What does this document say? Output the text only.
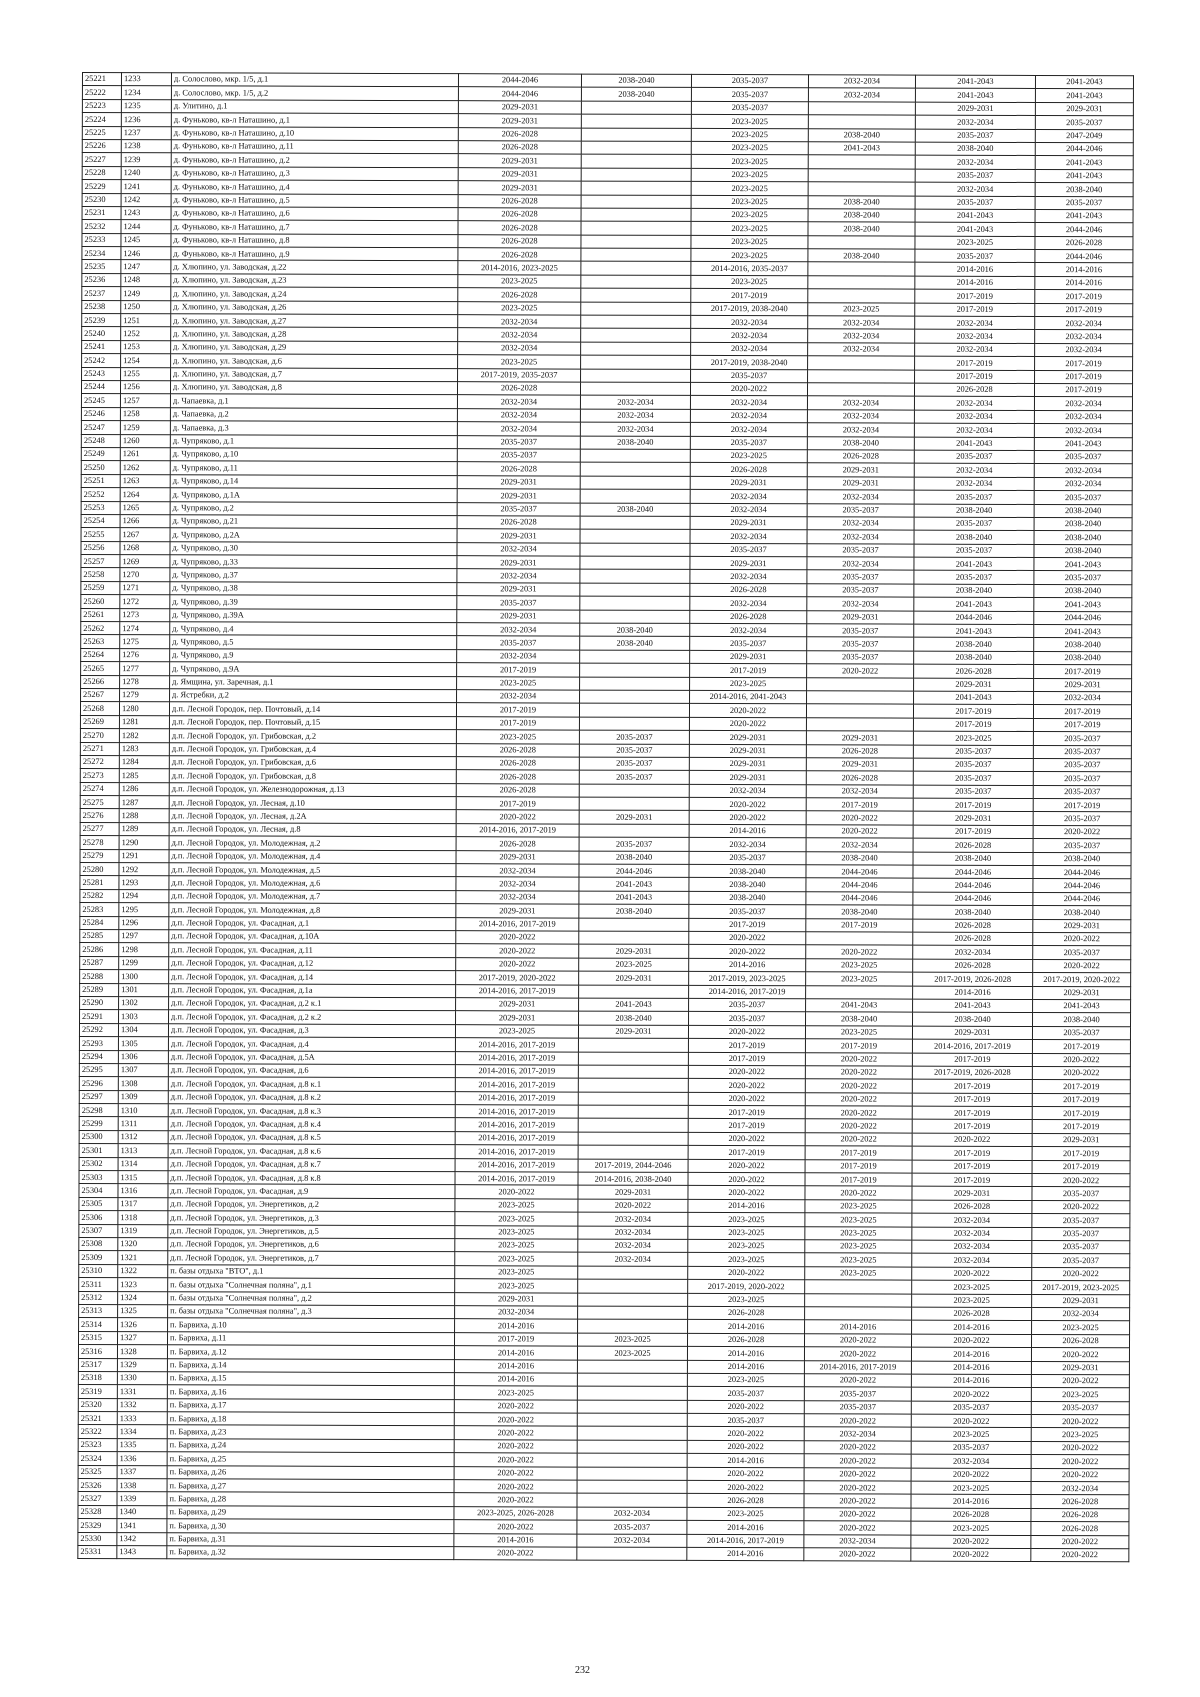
25221	1233	д. Солослово, мкр. 1/5, д.1	2044-2046	2038-2040	2035-2037	2032-2034	2041-2043	2041-2043
25222	1234	д. Солослово, мкр. 1/5, д.2	2044-2046	2038-2040	2035-2037	2032-2034	2041-2043	2041-2043
25223	1235	д. Улитино, д.1	2029-2031		2035-2037		2029-2031	2029-2031
25224	1236	д. Фуньково, кв-л Наташино, д.1	2029-2031		2023-2025		2032-2034	2035-2037
25225	1237	д. Фуньково, кв-л Наташино, д.10	2026-2028		2023-2025	2038-2040	2035-2037	2047-2049
25226	1238	д. Фуньково, кв-л Наташино, д.11	2026-2028		2023-2025	2041-2043	2038-2040	2044-2046
25227	1239	д. Фуньково, кв-л Наташино, д.2	2029-2031		2023-2025		2032-2034	2041-2043
25228	1240	д. Фуньково, кв-л Наташино, д.3	2029-2031		2023-2025		2035-2037	2041-2043
25229	1241	д. Фуньково, кв-л Наташино, д.4	2029-2031		2023-2025		2032-2034	2038-2040
25230	1242	д. Фуньково, кв-л Наташино, д.5	2026-2028		2023-2025	2038-2040	2035-2037	2035-2037
25231	1243	д. Фуньково, кв-л Наташино, д.6	2026-2028		2023-2025	2038-2040	2041-2043	2041-2043
25232	1244	д. Фуньково, кв-л Наташино, д.7	2026-2028		2023-2025	2038-2040	2041-2043	2044-2046
25233	1245	д. Фуньково, кв-л Наташино, д.8	2026-2028		2023-2025		2023-2025	2026-2028
25234	1246	д. Фуньково, кв-л Наташино, д.9	2026-2028		2023-2025	2038-2040	2035-2037	2044-2046
25235	1247	д. Хлюпино, ул. Заводская, д.22	2014-2016, 2023-2025		2014-2016, 2035-2037		2014-2016	2014-2016
25236	1248	д. Хлюпино, ул. Заводская, д.23	2023-2025		2023-2025		2014-2016	2014-2016
25237	1249	д. Хлюпино, ул. Заводская, д.24	2026-2028		2017-2019		2017-2019	2017-2019
25238	1250	д. Хлюпино, ул. Заводская, д.26	2023-2025		2017-2019, 2038-2040	2023-2025	2017-2019	2017-2019
25239	1251	д. Хлюпино, ул. Заводская, д.27	2032-2034		2032-2034	2032-2034	2032-2034	2032-2034
25240	1252	д. Хлюпино, ул. Заводская, д.28	2032-2034		2032-2034	2032-2034	2032-2034	2032-2034
25241	1253	д. Хлюпино, ул. Заводская, д.29	2032-2034		2032-2034	2032-2034	2032-2034	2032-2034
25242	1254	д. Хлюпино, ул. Заводская, д.6	2023-2025		2017-2019, 2038-2040		2017-2019	2017-2019
25243	1255	д. Хлюпино, ул. Заводская, д.7	2017-2019, 2035-2037		2035-2037		2017-2019	2017-2019
25244	1256	д. Хлюпино, ул. Заводская, д.8	2026-2028		2020-2022		2026-2028	2017-2019
25245	1257	д. Чапаевка, д.1	2032-2034	2032-2034	2032-2034	2032-2034	2032-2034	2032-2034
25246	1258	д. Чапаевка, д.2	2032-2034	2032-2034	2032-2034	2032-2034	2032-2034	2032-2034
25247	1259	д. Чапаевка, д.3	2032-2034	2032-2034	2032-2034	2032-2034	2032-2034	2032-2034
25248	1260	д. Чупряково, д.1	2035-2037	2038-2040	2035-2037	2038-2040	2041-2043	2041-2043
25249	1261	д. Чупряково, д.10	2035-2037		2023-2025	2026-2028	2035-2037	2035-2037
25250	1262	д. Чупряково, д.11	2026-2028		2026-2028	2029-2031	2032-2034	2032-2034
25251	1263	д. Чупряково, д.14	2029-2031		2029-2031	2029-2031	2032-2034	2032-2034
25252	1264	д. Чупряково, д.1А	2029-2031		2032-2034	2032-2034	2035-2037	2035-2037
25253	1265	д. Чупряково, д.2	2035-2037	2038-2040	2032-2034	2035-2037	2038-2040	2038-2040
25254	1266	д. Чупряково, д.21	2026-2028		2029-2031	2032-2034	2035-2037	2038-2040
25255	1267	д. Чупряково, д.2А	2029-2031		2032-2034	2032-2034	2038-2040	2038-2040
25256	1268	д. Чупряково, д.30	2032-2034		2035-2037	2035-2037	2035-2037	2038-2040
25257	1269	д. Чупряково, д.33	2029-2031		2029-2031	2032-2034	2041-2043	2041-2043
25258	1270	д. Чупряково, д.37	2032-2034		2032-2034	2035-2037	2035-2037	2035-2037
25259	1271	д. Чупряково, д.38	2029-2031		2026-2028	2035-2037	2038-2040	2038-2040
25260	1272	д. Чупряково, д.39	2035-2037		2032-2034	2032-2034	2041-2043	2041-2043
25261	1273	д. Чупряково, д.39А	2029-2031		2026-2028	2029-2031	2044-2046	2044-2046
25262	1274	д. Чупряково, д.4	2032-2034	2038-2040	2032-2034	2035-2037	2041-2043	2041-2043
25263	1275	д. Чупряково, д.5	2035-2037	2038-2040	2035-2037	2035-2037	2038-2040	2038-2040
25264	1276	д. Чупряково, д.9	2032-2034		2029-2031	2035-2037	2038-2040	2038-2040
25265	1277	д. Чупряково, д.9А	2017-2019		2017-2019	2020-2022	2026-2028	2017-2019
25266	1278	д. Ямщина, ул. Заречная, д.1	2023-2025		2023-2025		2029-2031	2029-2031
25267	1279	д. Ястребки, д.2	2032-2034		2014-2016, 2041-2043		2041-2043	2032-2034
25268	1280	д.п. Лесной Городок, пер. Почтовый, д.14	2017-2019		2020-2022		2017-2019	2017-2019
25269	1281	д.п. Лесной Городок, пер. Почтовый, д.15	2017-2019		2020-2022		2017-2019	2017-2019
25270	1282	д.п. Лесной Городок, ул. Грибовская, д.2	2023-2025	2035-2037	2029-2031	2029-2031	2023-2025	2035-2037
25271	1283	д.п. Лесной Городок, ул. Грибовская, д.4	2026-2028	2035-2037	2029-2031	2026-2028	2035-2037	2035-2037
25272	1284	д.п. Лесной Городок, ул. Грибовская, д.6	2026-2028	2035-2037	2029-2031	2029-2031	2035-2037	2035-2037
25273	1285	д.п. Лесной Городок, ул. Грибовская, д.8	2026-2028	2035-2037	2029-2031	2026-2028	2035-2037	2035-2037
25274	1286	д.п. Лесной Городок, ул. Железнодорожная, д.13	2026-2028		2032-2034	2032-2034	2035-2037	2035-2037
25275	1287	д.п. Лесной Городок, ул. Лесная, д.10	2017-2019		2020-2022	2017-2019	2017-2019	2017-2019
25276	1288	д.п. Лесной Городок, ул. Лесная, д.2А	2020-2022	2029-2031	2020-2022	2020-2022	2029-2031	2035-2037
25277	1289	д.п. Лесной Городок, ул. Лесная, д.8	2014-2016, 2017-2019		2014-2016	2020-2022	2017-2019	2020-2022
25278	1290	д.п. Лесной Городок, ул. Молодежная, д.2	2026-2028	2035-2037	2032-2034	2032-2034	2026-2028	2035-2037
25279	1291	д.п. Лесной Городок, ул. Молодежная, д.4	2029-2031	2038-2040	2035-2037	2038-2040	2038-2040	2038-2040
25280	1292	д.п. Лесной Городок, ул. Молодежная, д.5	2032-2034	2044-2046	2038-2040	2044-2046	2044-2046	2044-2046
25281	1293	д.п. Лесной Городок, ул. Молодежная, д.6	2032-2034	2041-2043	2038-2040	2044-2046	2044-2046	2044-2046
25282	1294	д.п. Лесной Городок, ул. Молодежная, д.7	2032-2034	2041-2043	2038-2040	2044-2046	2044-2046	2044-2046
25283	1295	д.п. Лесной Городок, ул. Молодежная, д.8	2029-2031	2038-2040	2035-2037	2038-2040	2038-2040	2038-2040
25284	1296	д.п. Лесной Городок, ул. Фасадная, д.1	2014-2016, 2017-2019		2017-2019	2017-2019	2026-2028	2029-2031
25285	1297	д.п. Лесной Городок, ул. Фасадная, д.10А	2020-2022		2020-2022		2026-2028	2020-2022
25286	1298	д.п. Лесной Городок, ул. Фасадная, д.11	2020-2022	2029-2031	2020-2022	2020-2022	2032-2034	2035-2037
25287	1299	д.п. Лесной Городок, ул. Фасадная, д.12	2020-2022	2023-2025	2014-2016	2023-2025	2026-2028	2020-2022
25288	1300	д.п. Лесной Городок, ул. Фасадная, д.14	2017-2019, 2020-2022	2029-2031	2017-2019, 2023-2025	2023-2025	2017-2019, 2026-2028	2017-2019, 2020-2022
25289	1301	д.п. Лесной Городок, ул. Фасадная, д.1а	2014-2016, 2017-2019		2014-2016, 2017-2019		2014-2016	2029-2031
25290	1302	д.п. Лесной Городок, ул. Фасадная, д.2 к.1	2029-2031	2041-2043	2035-2037	2041-2043	2041-2043	2041-2043
25291	1303	д.п. Лесной Городок, ул. Фасадная, д.2 к.2	2029-2031	2038-2040	2035-2037	2038-2040	2038-2040	2038-2040
25292	1304	д.п. Лесной Городок, ул. Фасадная, д.3	2023-2025	2029-2031	2020-2022	2023-2025	2029-2031	2035-2037
25293	1305	д.п. Лесной Городок, ул. Фасадная, д.4	2014-2016, 2017-2019		2017-2019	2017-2019	2014-2016, 2017-2019	2017-2019
25294	1306	д.п. Лесной Городок, ул. Фасадная, д.5А	2014-2016, 2017-2019		2017-2019	2020-2022	2017-2019	2020-2022
25295	1307	д.п. Лесной Городок, ул. Фасадная, д.6	2014-2016, 2017-2019		2020-2022	2020-2022	2017-2019, 2026-2028	2020-2022
25296	1308	д.п. Лесной Городок, ул. Фасадная, д.8 к.1	2014-2016, 2017-2019		2020-2022	2020-2022	2017-2019	2017-2019
25297	1309	д.п. Лесной Городок, ул. Фасадная, д.8 к.2	2014-2016, 2017-2019		2020-2022	2020-2022	2017-2019	2017-2019
25298	1310	д.п. Лесной Городок, ул. Фасадная, д.8 к.3	2014-2016, 2017-2019		2017-2019	2020-2022	2017-2019	2017-2019
25299	1311	д.п. Лесной Городок, ул. Фасадная, д.8 к.4	2014-2016, 2017-2019		2017-2019	2020-2022	2017-2019	2017-2019
25300	1312	д.п. Лесной Городок, ул. Фасадная, д.8 к.5	2014-2016, 2017-2019		2020-2022	2020-2022	2020-2022	2029-2031
25301	1313	д.п. Лесной Городок, ул. Фасадная, д.8 к.6	2014-2016, 2017-2019		2017-2019	2017-2019	2017-2019	2017-2019
25302	1314	д.п. Лесной Городок, ул. Фасадная, д.8 к.7	2014-2016, 2017-2019	2017-2019, 2044-2046	2020-2022	2017-2019	2017-2019	2017-2019
25303	1315	д.п. Лесной Городок, ул. Фасадная, д.8 к.8	2014-2016, 2017-2019	2014-2016, 2038-2040	2020-2022	2017-2019	2017-2019	2020-2022
25304	1316	д.п. Лесной Городок, ул. Фасадная, д.9	2020-2022	2029-2031	2020-2022	2020-2022	2029-2031	2035-2037
25305	1317	д.п. Лесной Городок, ул. Энергетиков, д.2	2023-2025	2020-2022	2014-2016	2023-2025	2026-2028	2020-2022
25306	1318	д.п. Лесной Городок, ул. Энергетиков, д.3	2023-2025	2032-2034	2023-2025	2023-2025	2032-2034	2035-2037
25307	1319	д.п. Лесной Городок, ул. Энергетиков, д.5	2023-2025	2032-2034	2023-2025	2023-2025	2032-2034	2035-2037
25308	1320	д.п. Лесной Городок, ул. Энергетиков, д.6	2023-2025	2032-2034	2023-2025	2023-2025	2032-2034	2035-2037
25309	1321	д.п. Лесной Городок, ул. Энергетиков, д.7	2023-2025	2032-2034	2023-2025	2023-2025	2032-2034	2035-2037
25310	1322	п. базы отдыха "ВТО", д.1	2023-2025		2020-2022	2023-2025	2020-2022	2020-2022
25311	1323	п. базы отдыха "Солнечная поляна", д.1	2023-2025		2017-2019, 2020-2022		2023-2025	2017-2019, 2023-2025
25312	1324	п. базы отдыха "Солнечная поляна", д.2	2029-2031		2023-2025		2023-2025	2029-2031
25313	1325	п. базы отдыха "Солнечная поляна", д.3	2032-2034		2026-2028		2026-2028	2032-2034
25314	1326	п. Барвиха, д.10	2014-2016		2014-2016	2014-2016	2014-2016	2023-2025
25315	1327	п. Барвиха, д.11	2017-2019	2023-2025	2026-2028	2020-2022	2020-2022	2026-2028
25316	1328	п. Барвиха, д.12	2014-2016	2023-2025	2014-2016	2020-2022	2014-2016	2020-2022
25317	1329	п. Барвиха, д.14	2014-2016		2014-2016	2014-2016, 2017-2019	2014-2016	2029-2031
25318	1330	п. Барвиха, д.15	2014-2016		2023-2025	2020-2022	2014-2016	2020-2022
25319	1331	п. Барвиха, д.16	2023-2025		2035-2037	2035-2037	2020-2022	2023-2025
25320	1332	п. Барвиха, д.17	2020-2022		2020-2022	2035-2037	2035-2037	2035-2037
25321	1333	п. Барвиха, д.18	2020-2022		2035-2037	2020-2022	2020-2022	2020-2022
25322	1334	п. Барвиха, д.23	2020-2022		2020-2022	2032-2034	2023-2025	2023-2025
25323	1335	п. Барвиха, д.24	2020-2022		2020-2022	2020-2022	2035-2037	2020-2022
25324	1336	п. Барвиха, д.25	2020-2022		2014-2016	2020-2022	2032-2034	2020-2022
25325	1337	п. Барвиха, д.26	2020-2022		2020-2022	2020-2022	2020-2022	2020-2022
25326	1338	п. Барвиха, д.27	2020-2022		2020-2022	2020-2022	2023-2025	2032-2034
25327	1339	п. Барвиха, д.28	2020-2022		2026-2028	2020-2022	2014-2016	2026-2028
25328	1340	п. Барвиха, д.29	2023-2025, 2026-2028	2032-2034	2023-2025	2020-2022	2026-2028	2026-2028
25329	1341	п. Барвиха, д.30	2020-2022	2035-2037	2014-2016	2020-2022	2023-2025	2026-2028
25330	1342	п. Барвиха, д.31	2014-2016	2032-2034	2014-2016, 2017-2019	2032-2034	2020-2022	2020-2022
25331	1343	п. Барвиха, д.32	2020-2022		2014-2016	2020-2022	2020-2022	2020-2022
232
